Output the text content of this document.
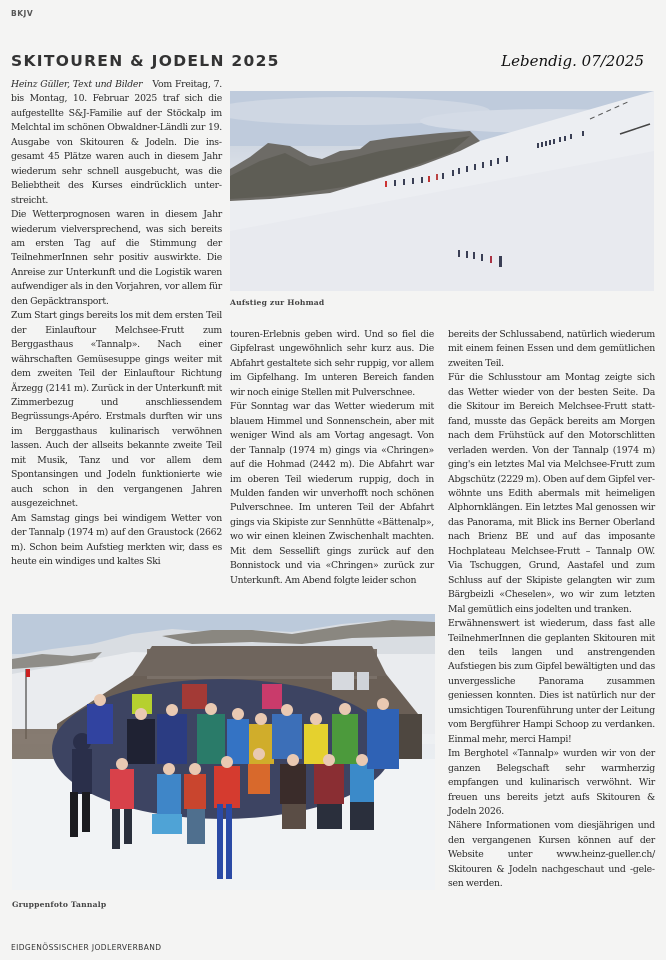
BKJV
SKITOUREN & JODELN 2025	Lebendig. 07/2025

Heinz Güller, Text und Bilder Vom Freitag, 7. bis Montag, 10. Februar 2025 traf sich die aufgestellte S&J-Familie auf der Stöckalp im Melchtal im schönen Obwaldner-Ländli zur 19. Ausgabe von Skitouren & Jodeln. Die insgesamt 45 Plätze waren auch in diesem Jahr wiederum sehr schnell ausgebucht, was die Beliebtheit des Kurses eindrücklich unterstreicht.

Die Wetterprognosen waren in diesem Jahr wiederum vielversprechend, was sich bereits am ersten Tag auf die Stimmung der TeilnehmerInnen sehr positiv auswirkte. Die Anreise zur Unterkunft und die Logistik waren aufwendiger als in den Vorjahren, vor allem für den Gepäcktransport.

Zum Start gings bereits los mit dem ersten Teil der Einlauftour Melchsee-Frutt zum Berggasthaus «Tannalp». Nach einer währschaften Gemüsesuppe gings weiter mit dem zweiten Teil der Einlauftour Richtung Ärzegg (2141 m). Zurück in der Unterkunft mit Zimmerbezug und anschliessendem Begrüssungs-Apéro. Erstmals durften wir uns im Berggasthaus kulinarisch verwöhnen lassen. Auch der allseits bekannte zweite Teil mit Musik, Tanz und vor allem dem Spontansingen und Jodeln funktionierte wie auch schon in den vergangenen Jahren ausgezeichnet.

Am Samstag gings bei windigem Wetter von der Tannalp (1974 m) auf den Graustock (2662 m). Schon beim Aufstieg merkten wir, dass es heute ein windiges und kaltes Ski

Aufstieg zur Hohmad

touren-Erlebnis geben wird. Und so fiel die Gipfelrast ungewöhnlich sehr kurz aus. Die Abfahrt gestaltete sich sehr ruppig, vor allem im Gipfelhang. Im unteren Bereich fanden wir noch einige Stellen mit Pulverschnee.

Für Sonntag war das Wetter wiederum mit blauem Himmel und Sonnenschein, aber mit weniger Wind als am Vortag angesagt. Von der Tannalp (1974 m) gings via «Chringen» auf die Hohmad (2442 m). Die Abfahrt war im oberen Teil wiederum ruppig, doch in Mulden fanden wir unverhofft noch schönen Pulverschnee. Im unteren Teil der Abfahrt gings via Skipiste zur Sennhütte «Bättenalp», wo wir einen kleinen Zwischenhalt machten. Mit dem Sessellift gings zurück auf den Bonnistock und via «Chringen» zurück zur Unterkunft. Am Abend folgte leider schon

bereits der Schlussabend, natürlich wiederum mit einem feinen Essen und dem gemütlichen zweiten Teil.

Für die Schlusstour am Montag zeigte sich das Wetter wieder von der besten Seite. Da die Skitour im Bereich Melchsee-Frutt stattfand, musste das Gepäck bereits am Morgen nach dem Frühstück auf den Motorschlitten verladen werden. Von der Tannalp (1974 m) ging's ein letztes Mal via Melchsee-Frutt zum Abgschütz (2229 m). Oben auf dem Gipfel verwöhnte uns Edith abermals mit heimeligen Alphornklängen. Ein letztes Mal genossen wir das Panorama, mit Blick ins Berner Oberland nach Brienz BE und auf das imposante Hochplateau Melchsee-Frutt – Tannalp OW. Via Tschuggen, Grund, Aastafel und zum Schluss auf der Skipiste gelangten wir zum Bärgbeizli «Cheselen», wo wir zum letzten Mal gemütlich eins jodelten und tranken.

Erwähnenswert ist wiederum, dass fast alle TeilnehmerInnen die geplanten Skitouren mit den teils langen und anstrengenden Aufstiegen bis zum Gipfel bewältigten und das unvergessliche Panorama zusammen geniessen konnten. Dies ist natürlich nur der umsichtigen Tourenführung unter der Leitung vom Bergführer Hampi Schoop zu verdanken. Einmal mehr, merci Hampi!

Im Berghotel «Tannalp» wurden wir von der ganzen Belegschaft sehr warmherzig empfangen und kulinarisch verwöhnt. Wir freuen uns bereits jetzt aufs Skitouren & Jodeln 2026.

Nähere Informationen vom diesjährigen und den vergangenen Kursen können auf der Website unter www.heinz-gueller.ch/ Skitouren & Jodeln nachgeschaut und -gelesen werden.

Gruppenfoto Tannalp
EIDGENÖSSISCHER JODLERVERBAND
